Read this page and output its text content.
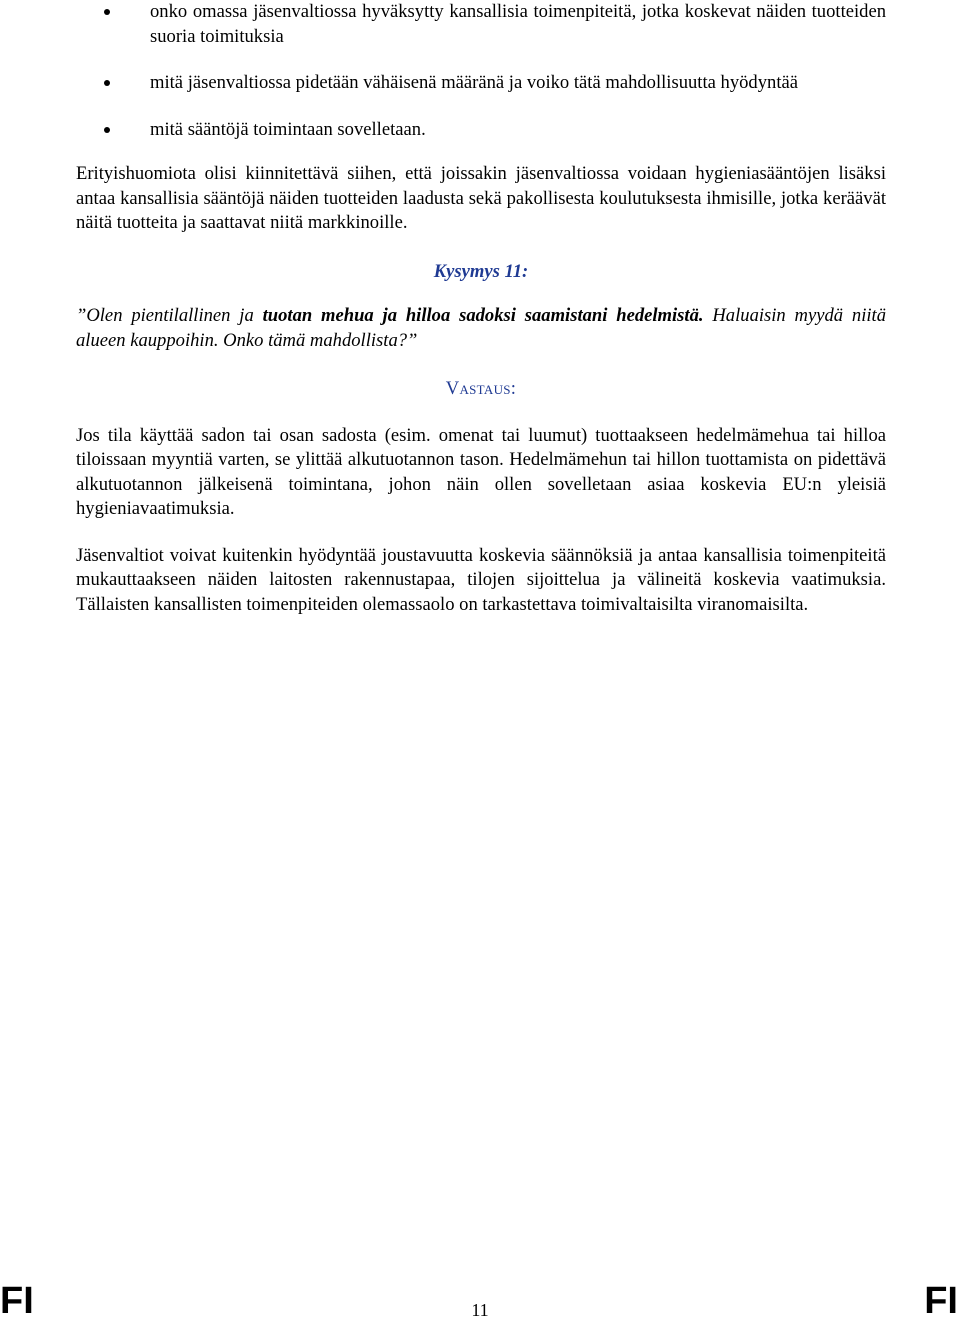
onko omassa jäsenvaltiossa hyväksytty kansallisia toimenpiteitä, jotka koskevat näiden tuotteiden suoria toimituksia
mitä jäsenvaltiossa pidetään vähäisenä määränä ja voiko tätä mahdollisuutta hyödyntää
mitä sääntöjä toimintaan sovelletaan.

Erityishuomiota olisi kiinnitettävä siihen, että joissakin jäsenvaltiossa voidaan hygieniasääntöjen lisäksi antaa kansallisia sääntöjä näiden tuotteiden laadusta sekä pakollisesta koulutuksesta ihmisille, jotka keräävät näitä tuotteita ja saattavat niitä markkinoille.

Kysymys 11:

”Olen pientilallinen ja tuotan mehua ja hilloa sadoksi saamistani hedelmistä. Haluaisin myydä niitä alueen kauppoihin. Onko tämä mahdollista?”

Vastaus:

Jos tila käyttää sadon tai osan sadosta (esim. omenat tai luumut) tuottaakseen hedelmämehua tai hilloa tiloissaan myyntiä varten, se ylittää alkutuotannon tason. Hedelmämehun tai hillon tuottamista on pidettävä alkutuotannon jälkeisenä toimintana, johon näin ollen sovelletaan asiaa koskevia EU:n yleisiä hygieniavaatimuksia.

Jäsenvaltiot voivat kuitenkin hyödyntää joustavuutta koskevia säännöksiä ja antaa kansallisia toimenpiteitä mukauttaakseen näiden laitosten rakennustapaa, tilojen sijoittelua ja välineitä koskevia vaatimuksia. Tällaisten kansallisten toimenpiteiden olemassaolo on tarkastettava toimivaltaisilta viranomaisilta.

FI	11	FI
